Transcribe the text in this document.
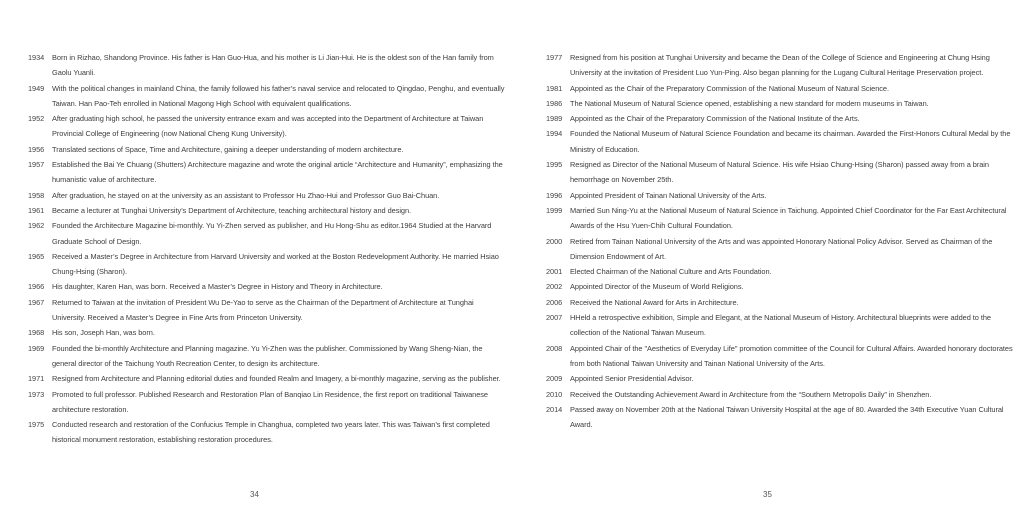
1934	Born in Rizhao, Shandong Province. His father is Han Guo-Hua, and his mother is Li Jian-Hui. He is the oldest son of the Han family from Gaolu Yuanli.
1949	With the political changes in mainland China, the family followed his father’s naval service and relocated to Qingdao, Penghu, and eventually Taiwan. Han Pao-Teh enrolled in National Magong High School with equivalent qualifications.
1952	After graduating high school, he passed the university entrance exam and was accepted into the Department of Architecture at Taiwan Provincial College of Engineering (now National Cheng Kung University).
1956	Translated sections of Space, Time and Architecture, gaining a deeper understanding of modern architecture.
1957	Established the Bai Ye Chuang (Shutters) Architecture magazine and wrote the original article “Architecture and Humanity”, emphasizing the humanistic value of architecture.
1958	After graduation, he stayed on at the university as an assistant to Professor Hu Zhao-Hui and Professor Guo Bai-Chuan.
1961	Became a lecturer at Tunghai University’s Department of Architecture, teaching architectural history and design.
1962	Founded the Architecture Magazine bi-monthly. Yu Yi-Zhen served as publisher, and Hu Hong-Shu as editor.1964 Studied at the Harvard Graduate School of Design.
1965	Received a Master’s Degree in Architecture from Harvard University and worked at the Boston Redevelopment Authority. He married Hsiao Chung-Hsing (Sharon).
1966	His daughter, Karen Han, was born. Received a Master’s Degree in History and Theory in Architecture.
1967	Returned to Taiwan at the invitation of President Wu De-Yao to serve as the Chairman of the Department of Architecture at Tunghai University. Received a Master’s Degree in Fine Arts from Princeton University.
1968	His son, Joseph Han, was born.
1969	Founded the bi-monthly Architecture and Planning magazine. Yu Yi-Zhen was the publisher. Commissioned by Wang Sheng-Nian, the general director of the Taichung Youth Recreation Center, to design its architecture.
1971	Resigned from Architecture and Planning editorial duties and founded Realm and Imagery, a bi-monthly magazine, serving as the publisher.
1973	Promoted to full professor. Published Research and Restoration Plan of Banqiao Lin Residence, the first report on traditional Taiwanese architecture restoration.
1975	Conducted research and restoration of the Confucius Temple in Changhua, completed two years later. This was Taiwan’s first completed historical monument restoration, establishing restoration procedures.
1977	Resigned from his position at Tunghai University and became the Dean of the College of Science and Engineering at Chung Hsing University at the invitation of President Luo Yun-Ping. Also began planning for the Lugang Cultural Heritage Preservation project.
1981	Appointed as the Chair of the Preparatory Commission of the National Museum of Natural Science.
1986	The National Museum of Natural Science opened, establishing a new standard for modern museums in Taiwan.
1989	Appointed as the Chair of the Preparatory Commission of the National Institute of the Arts.
1994	Founded the National Museum of Natural Science Foundation and became its chairman. Awarded the First-Honors Cultural Medal by the Ministry of Education.
1995	Resigned as Director of the National Museum of Natural Science. His wife Hsiao Chung-Hsing (Sharon) passed away from a brain hemorrhage on November 25th.
1996	Appointed President of Tainan National University of the Arts.
1999	Married Sun Ning-Yu at the National Museum of Natural Science in Taichung. Appointed Chief Coordinator for the Far East Architectural Awards of the Hsu Yuen-Chih Cultural Foundation.
2000	Retired from Tainan National University of the Arts and was appointed Honorary National Policy Advisor. Served as Chairman of the Dimension Endowment of Art.
2001	Elected Chairman of the National Culture and Arts Foundation.
2002	Appointed Director of the Museum of World Religions.
2006	Received the National Award for Arts in Architecture.
2007	HHeld a retrospective exhibition, Simple and Elegant, at the National Museum of History. Architectural blueprints were added to the collection of the National Taiwan Museum.
2008	Appointed Chair of the "Aesthetics of Everyday Life" promotion committee of the Council for Cultural Affairs. Awarded honorary doctorates from both National Taiwan University and Tainan National University of the Arts.
2009	Appointed Senior Presidential Advisor.
2010	Received the Outstanding Achievement Award in Architecture from the “Southern Metropolis Daily” in Shenzhen.
2014	Passed away on November 20th at the National Taiwan University Hospital at the age of 80. Awarded the 34th Executive Yuan Cultural Award.
34	35
